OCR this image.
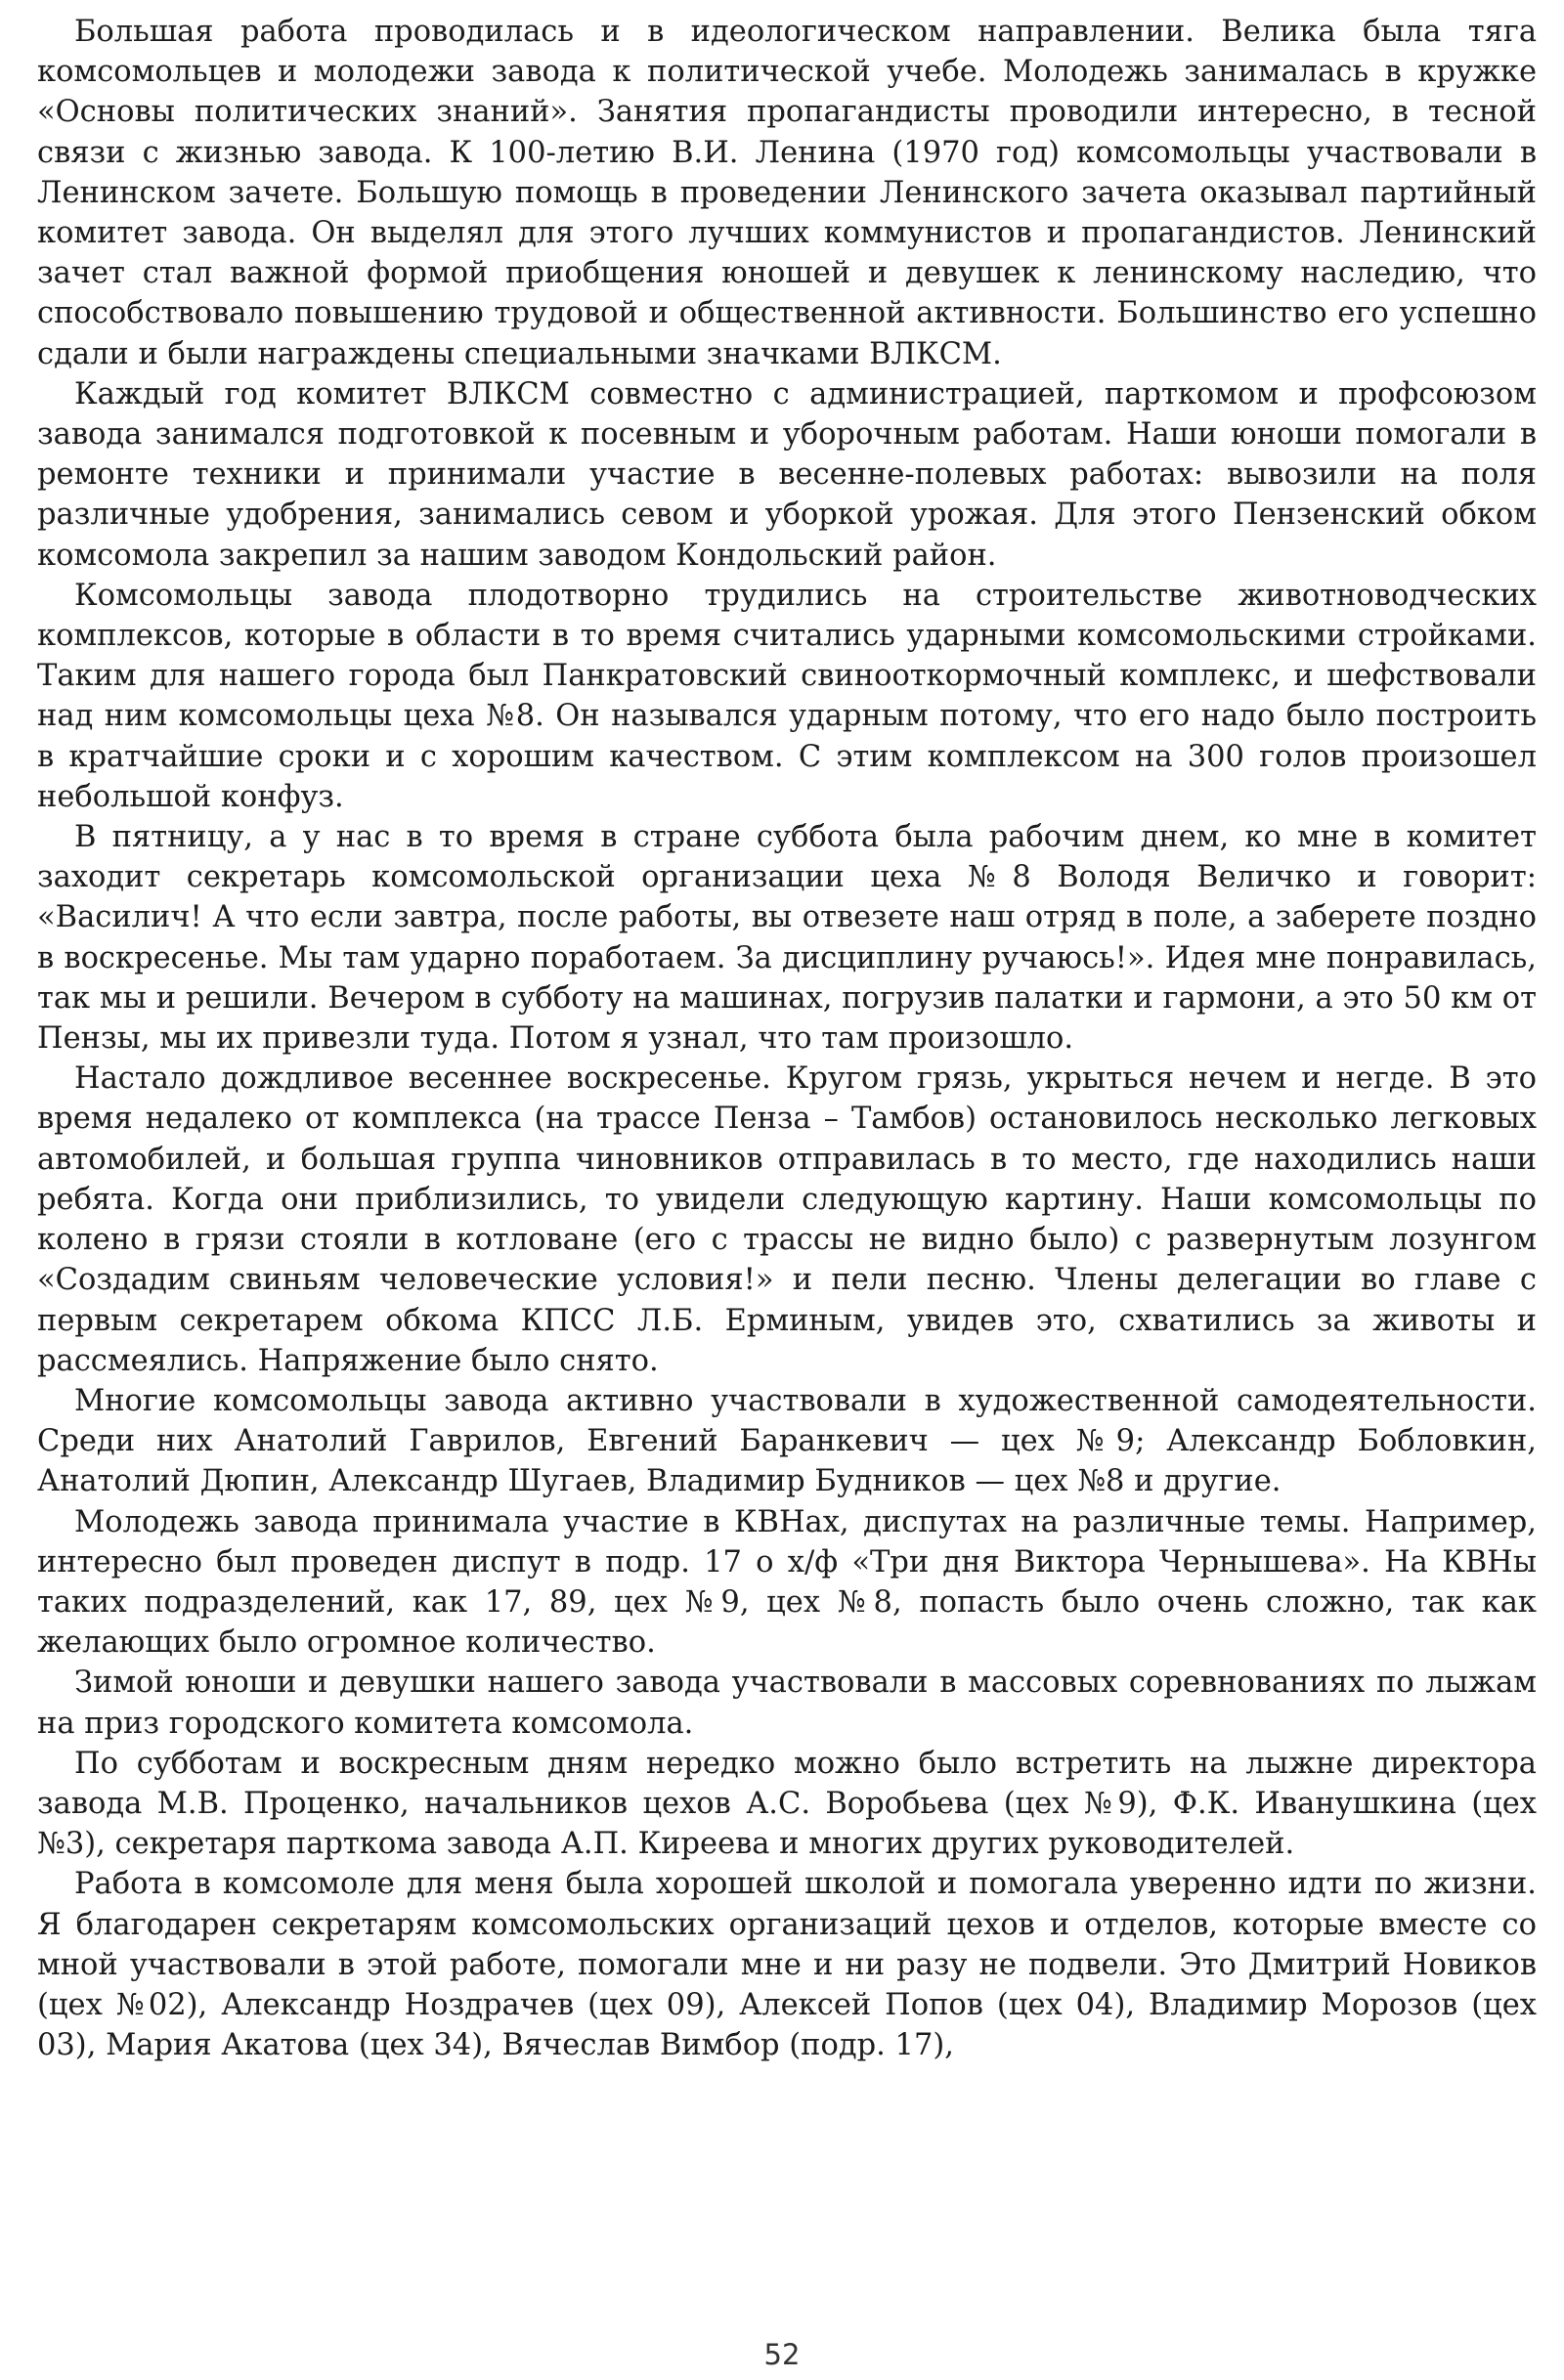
Большая работа проводилась и в идеологическом направлении. Велика была тяга комсомольцев и молодежи завода к политической учебе. Молодежь занималась в кружке «Основы политических знаний». Занятия пропагандисты проводили интересно, в тесной связи с жизнью завода. К 100-летию В.И. Ленина (1970 год) комсомольцы участвовали в Ленинском зачете. Большую помощь в проведении Ленинского зачета оказывал партийный комитет завода. Он выделял для этого лучших коммунистов и пропагандистов. Ленинский зачет стал важной формой приобщения юношей и девушек к ленинскому наследию, что способствовало повышению трудовой и общественной активности. Большинство его успешно сдали и были награждены специальными значками ВЛКСМ.

Каждый год комитет ВЛКСМ совместно с администрацией, парткомом и профсоюзом завода занимался подготовкой к посевным и уборочным работам. Наши юноши помогали в ремонте техники и принимали участие в весенне-полевых работах: вывозили на поля различные удобрения, занимались севом и уборкой урожая. Для этого Пензенский обком комсомола закрепил за нашим заводом Кондольский район.

Комсомольцы завода плодотворно трудились на строительстве животноводческих комплексов, которые в области в то время считались ударными комсомольскими стройками. Таким для нашего города был Панкратовский свинооткормочный комплекс, и шефствовали над ним комсомольцы цеха №8. Он назывался ударным потому, что его надо было построить в кратчайшие сроки и с хорошим качеством. С этим комплексом на 300 голов произошел небольшой конфуз.

В пятницу, а у нас в то время в стране суббота была рабочим днем, ко мне в комитет заходит секретарь комсомольской организации цеха №8 Володя Величко и говорит: «Василич! А что если завтра, после работы, вы отвезете наш отряд в поле, а заберете поздно в воскресенье. Мы там ударно поработаем. За дисциплину ручаюсь!». Идея мне понравилась, так мы и решили. Вечером в субботу на машинах, погрузив палатки и гармони, а это 50 км от Пензы, мы их привезли туда. Потом я узнал, что там произошло.

Настало дождливое весеннее воскресенье. Кругом грязь, укрыться нечем и негде. В это время недалеко от комплекса (на трассе Пенза – Тамбов) остановилось несколько легковых автомобилей, и большая группа чиновников отправилась в то место, где находились наши ребята. Когда они приблизились, то увидели следующую картину. Наши комсомольцы по колено в грязи стояли в котловане (его с трассы не видно было) с развернутым лозунгом «Создадим свиньям человеческие условия!» и пели песню. Члены делегации во главе с первым секретарем обкома КПСС Л.Б. Ерминым, увидев это, схватились за животы и рассмеялись. Напряжение было снято.

Многие комсомольцы завода активно участвовали в художественной самодеятельности. Среди них Анатолий Гаврилов, Евгений Баранкевич — цех №9; Александр Бобловкин, Анатолий Дюпин, Александр Шугаев, Владимир Будников — цех №8 и другие.

Молодежь завода принимала участие в КВНах, диспутах на различные темы. Например, интересно был проведен диспут в подр. 17 о х/ф «Три дня Виктора Чернышева». На КВНы таких подразделений, как 17, 89, цех №9, цех №8, попасть было очень сложно, так как желающих было огромное количество.

Зимой юноши и девушки нашего завода участвовали в массовых соревнованиях по лыжам на приз городского комитета комсомола.

По субботам и воскресным дням нередко можно было встретить на лыжне директора завода М.В. Проценко, начальников цехов А.С. Воробьева (цех №9), Ф.К. Иванушкина (цех №3), секретаря парткома завода А.П. Киреева и многих других руководителей.

Работа в комсомоле для меня была хорошей школой и помогала уверенно идти по жизни. Я благодарен секретарям комсомольских организаций цехов и отделов, которые вместе со мной участвовали в этой работе, помогали мне и ни разу не подвели. Это Дмитрий Новиков (цех №02), Александр Ноздрачев (цех 09), Алексей Попов (цех 04), Владимир Морозов (цех 03), Мария Акатова (цех 34), Вячеслав Вимбор (подр. 17),

52
